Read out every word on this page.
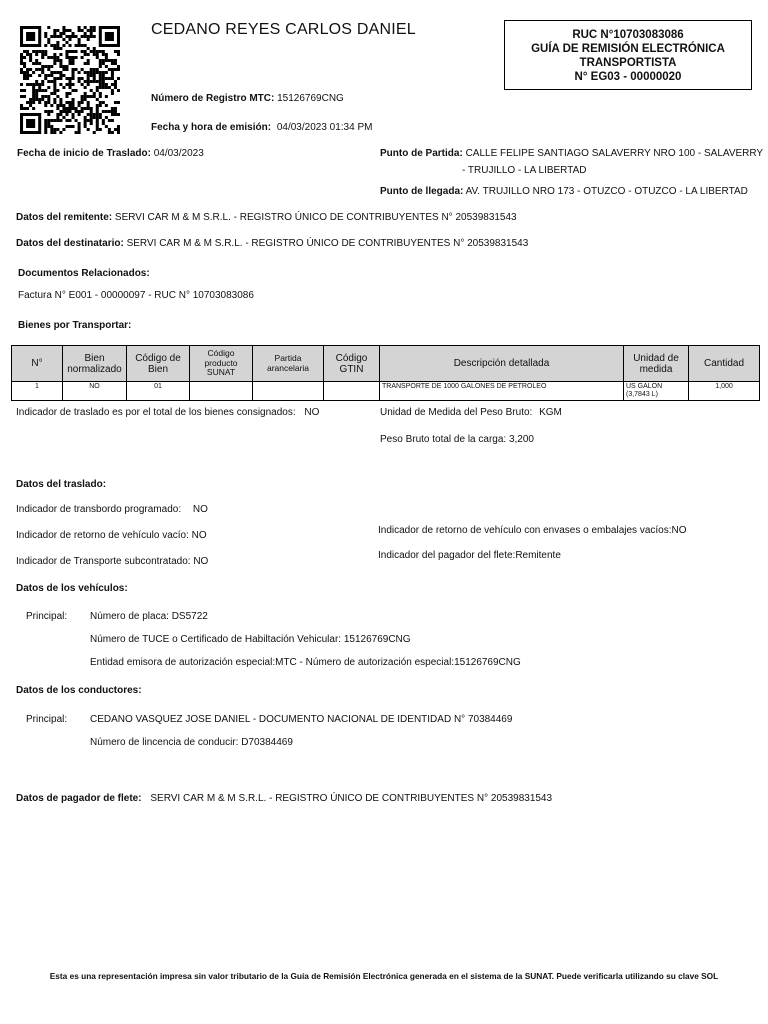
CEDANO REYES CARLOS DANIEL	RUC N°10703083086
GUÍA DE REMISIÓN ELECTRÓNICA
TRANSPORTISTA
N° EG03 - 00000020
Número de Registro MTC: 15126769CNG
Fecha y hora de emisión: 04/03/2023 01:34 PM
Fecha de inicio de Traslado: 04/03/2023	Punto de Partida: CALLE FELIPE SANTIAGO SALAVERRY NRO 100 - SALAVERRY
- TRUJILLO - LA LIBERTAD
Punto de llegada: AV. TRUJILLO NRO 173 - OTUZCO - OTUZCO - LA LIBERTAD
Datos del remitente: SERVI CAR M & M S.R.L. - REGISTRO ÚNICO DE CONTRIBUYENTES N° 20539831543
Datos del destinatario: SERVI CAR M & M S.R.L. - REGISTRO ÚNICO DE CONTRIBUYENTES N° 20539831543
Documentos Relacionados:
Factura N° E001 - 00000097 - RUC N° 10703083086
Bienes por Transportar:
N°	Bien normalizado	Código de Bien	Código producto SUNAT	Partida arancelaria	Código GTIN	Descripción detallada	Unidad de medida	Cantidad
1	NO	01				TRANSPORTE DE 1000 GALONES DE PETROLEO	US GALON (3,7843 L)	1,000
Indicador de traslado es por el total de los bienes consignados: NO	Unidad de Medida del Peso Bruto: KGM
Peso Bruto total de la carga: 3,200
Datos del traslado:
Indicador de transbordo programado: NO
Indicador de retorno de vehículo vacío: NO
Indicador de Transporte subcontratado: NO
Indicador de retorno de vehículo con envases o embalajes vacíos:NO
Indicador del pagador del flete:Remitente
Datos de los vehículos:
Principal: Número de placa: DS5722
Número de TUCE o Certificado de Habiltación Vehicular: 15126769CNG
Entidad emisora de autorización especial:MTC - Número de autorización especial:15126769CNG
Datos de los conductores:
Principal: CEDANO VASQUEZ JOSE DANIEL - DOCUMENTO NACIONAL DE IDENTIDAD N° 70384469
Número de lincencia de conducir: D70384469
Datos de pagador de flete: SERVI CAR M & M S.R.L. - REGISTRO ÚNICO DE CONTRIBUYENTES N° 20539831543
Esta es una representación impresa sin valor tributario de la Guía de Remisión Electrónica generada en el sistema de la SUNAT. Puede verificarla utilizando su clave SOL
